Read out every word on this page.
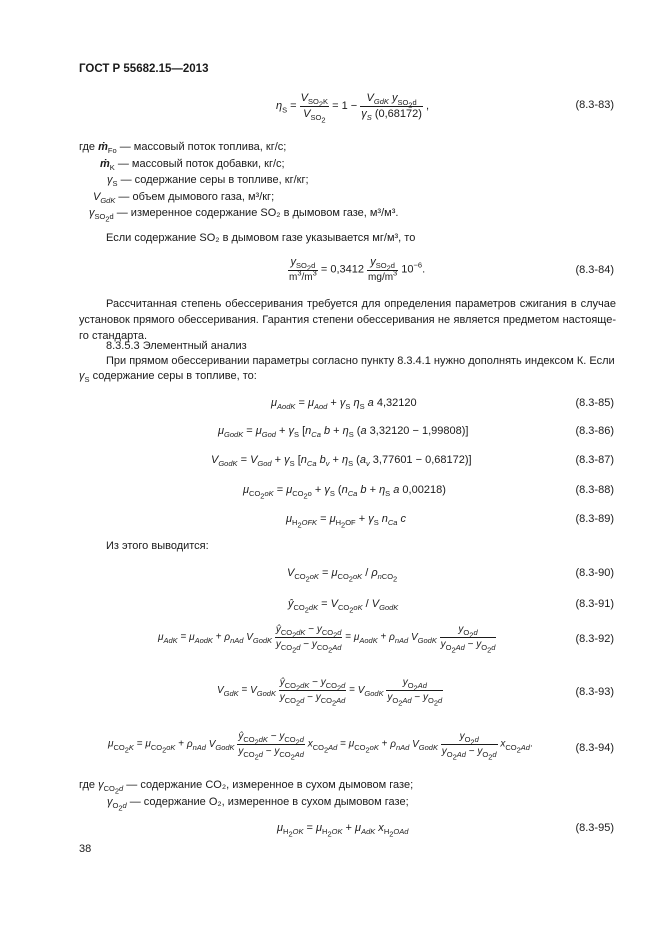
ГОСТ Р 55682.15—2013
$\eta_S = \frac{V_{SO_2K}}{V_{SO_2}} = 1 - \frac{V_{GdK} y_{SO_2d}}{\gamma_S (0,68172)}$ ,	(8.3-83)
где ṁ$_{Fo}$ — массовый поток топлива, кг/с;
ṁ$_K$ — массовый поток добавки, кг/с;
$\gamma_S$ — содержание серы в топливе, кг/кг;
$V_{GdK}$ — объем дымового газа, м³/кг;
$\gamma_{SO_2d}$ — измеренное содержание SO₂ в дымовом газе, м³/м³.
Если содержание SO₂ в дымовом газе указывается мг/м³, то
$\frac{y_{SO_2d}}{m^3/m^3} = 0,3412 \frac{y_{SO_2d}}{mg/m^3} 10^{-6}$.	(8.3-84)
Рассчитанная степень обессеривания требуется для определения параметров сжигания в случае установок прямого обессеривания. Гарантия степени обессеривания не является предметом настояще-го стандарта.
8.3.5.3 Элементный анализ
При прямом обессеривании параметры согласно пункту 8.3.4.1 нужно дополнять индексом К. Если
$\gamma_S$ содержание серы в топливе, то:
$\mu_{AodK} = \mu_{Aod} + \gamma_S$ $\eta_S$ a 4,32120	(8.3-85)
$\mu_{GodK} = \mu_{God} + \gamma_S$ [$n_{Ca}$ $b + \eta_S$ (a 3,32120 − 1,99808)]	(8.3-86)
$V_{GodK} = V_{God} + \gamma_S$ [$n_{Ca}$ $b_v + \eta_S$ ($a_v$ 3,77601 − 0,68172)]	(8.3-87)
$\mu_{CO_2oK} = \mu_{CO_2o} + \gamma_S$ ($n_{Ca}$ $b + \eta_S$ a 0,00218)	(8.3-88)
$\mu_{H_2OFK} = \mu_{H_2OF} + \gamma_S$ $n_{Ca}$ c	(8.3-89)
Из этого выводится:
$V_{CO_2oK} = \mu_{CO_2oK} / \rho_{nCO_2}$
(8.3-90)
$ŷ_{CO_2dK} = V_{CO_2oK} / V_{GodK}$	(8.3-91)
$\mu_{AdK} = \mu_{AodK} + \rho_{nAd}$ $V_{GodK} \frac{ŷ_{CO_2dK} - y_{CO_2d}}{y_{CO_2d} - y_{CO_2Ad}} = \mu_{AodK} + \rho_{nAd}$ $V_{GodK} \frac{y_{O_2d}}{y_{O_2Ad} - y_{O_2d}}$	(8.3-92)
$V_{GdK} = V_{GodK} \frac{ŷ_{CO_2dK} - y_{CO_2d}}{y_{CO_2d} - y_{CO_2Ad}} = V_{GodK} \frac{y_{O_2Ad}}{y_{O_2Ad} - y_{O_2d}}$	(8.3-93)
$\mu_{CO_2K} = \mu_{CO_2oK} + \rho_{nAd}$ $V_{GodK} \frac{ŷ_{CO_2dK} - y_{CO_2d}}{y_{CO_2d} - y_{CO_2Ad}} x_{CO_2Ad} = \mu_{CO_2oK} + \rho_{nAd}$ $V_{GodK} \frac{y_{O_2d}}{y_{O_2Ad} - y_{O_2d}} x_{CO_2Ad}$.	(8.3-94)
где $\gamma_{CO_2d}$ — содержание CO₂, измеренное в сухом дымовом газе;
$\gamma_{O_2d}$ — содержание O₂, измеренное в сухом дымовом газе;
$\mu_{H_2OK} = \mu_{H_2OK} + \mu_{AdK}$ $x_{H_2OAd}$	(8.3-95)
38
